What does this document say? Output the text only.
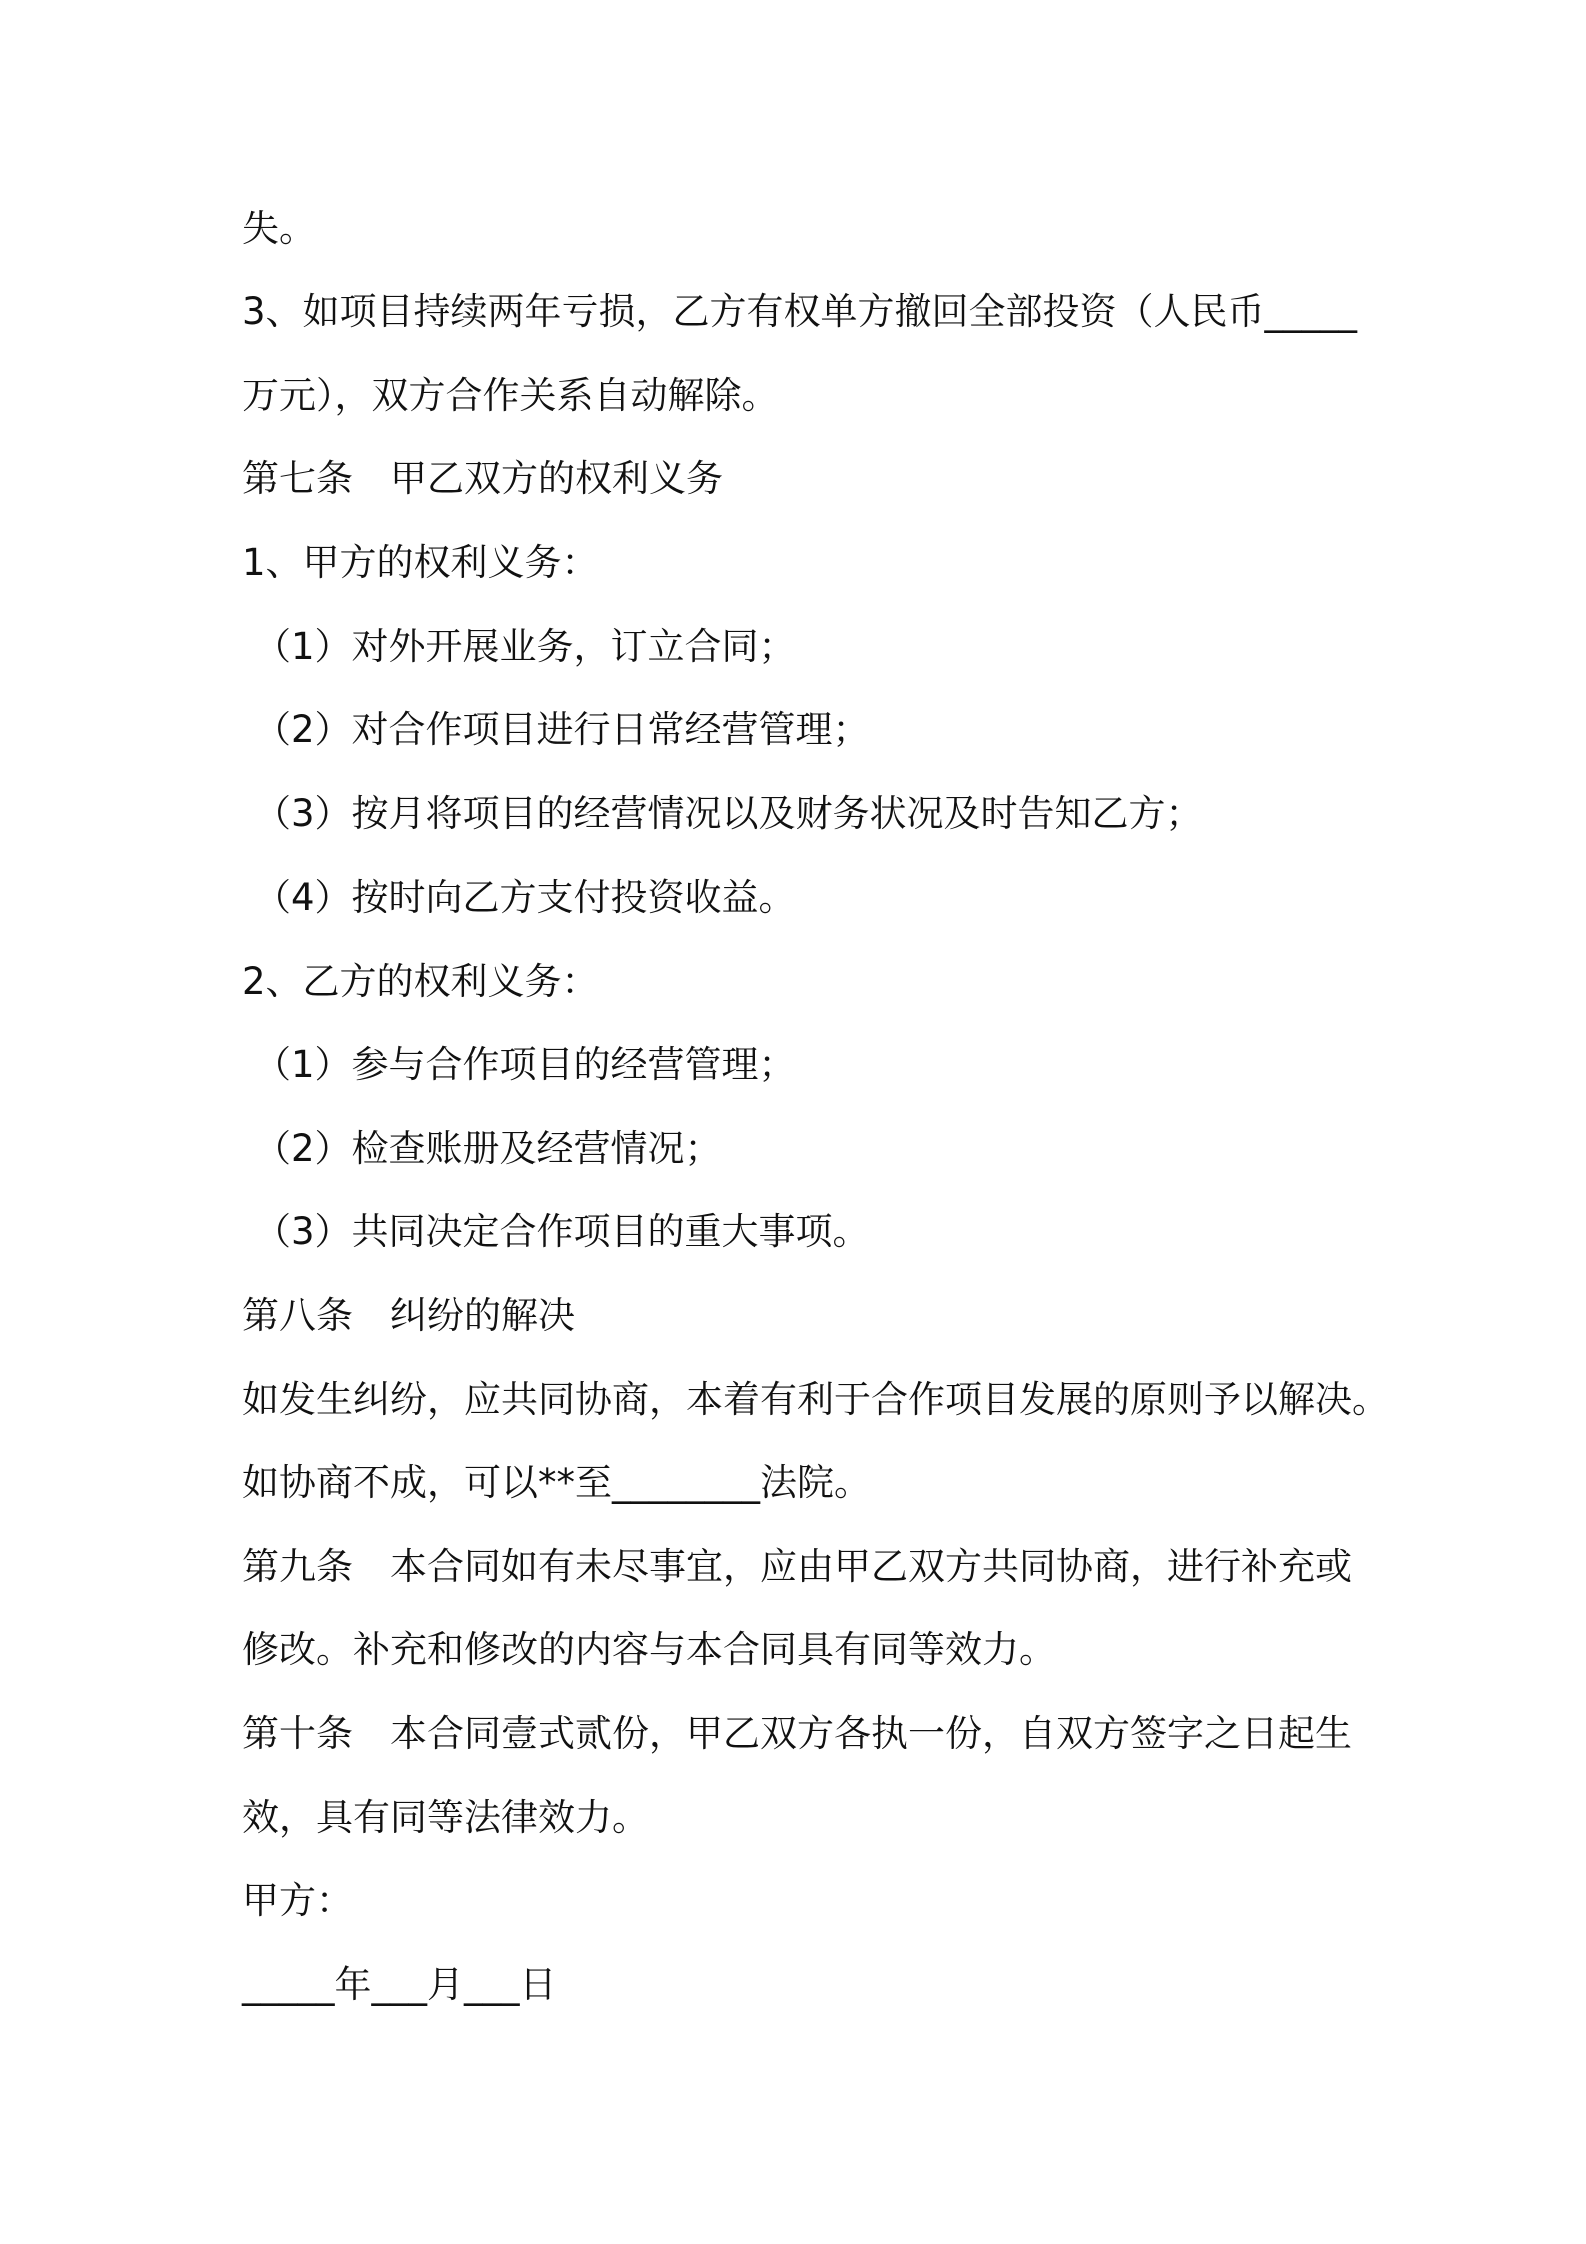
失。
3、如项目持续两年亏损，乙方有权单方撤回全部投资（人民币_____
万元），双方合作关系自动解除。
第七条　甲乙双方的权利义务
1、甲方的权利义务：
（1）对外开展业务，订立合同；
（2）对合作项目进行日常经营管理；
（3）按月将项目的经营情况以及财务状况及时告知乙方；
（4）按时向乙方支付投资收益。
2、乙方的权利义务：
（1）参与合作项目的经营管理；
（2）检查账册及经营情况；
（3）共同决定合作项目的重大事项。
第八条　纠纷的解决
如发生纠纷，应共同协商，本着有利于合作项目发展的原则予以解决。
如协商不成，可以**至________法院。
第九条　本合同如有未尽事宜，应由甲乙双方共同协商，进行补充或
修改。补充和修改的内容与本合同具有同等效力。
第十条　本合同壹式贰份，甲乙双方各执一份，自双方签字之日起生
效，具有同等法律效力。
甲方：
_____年___月___日
